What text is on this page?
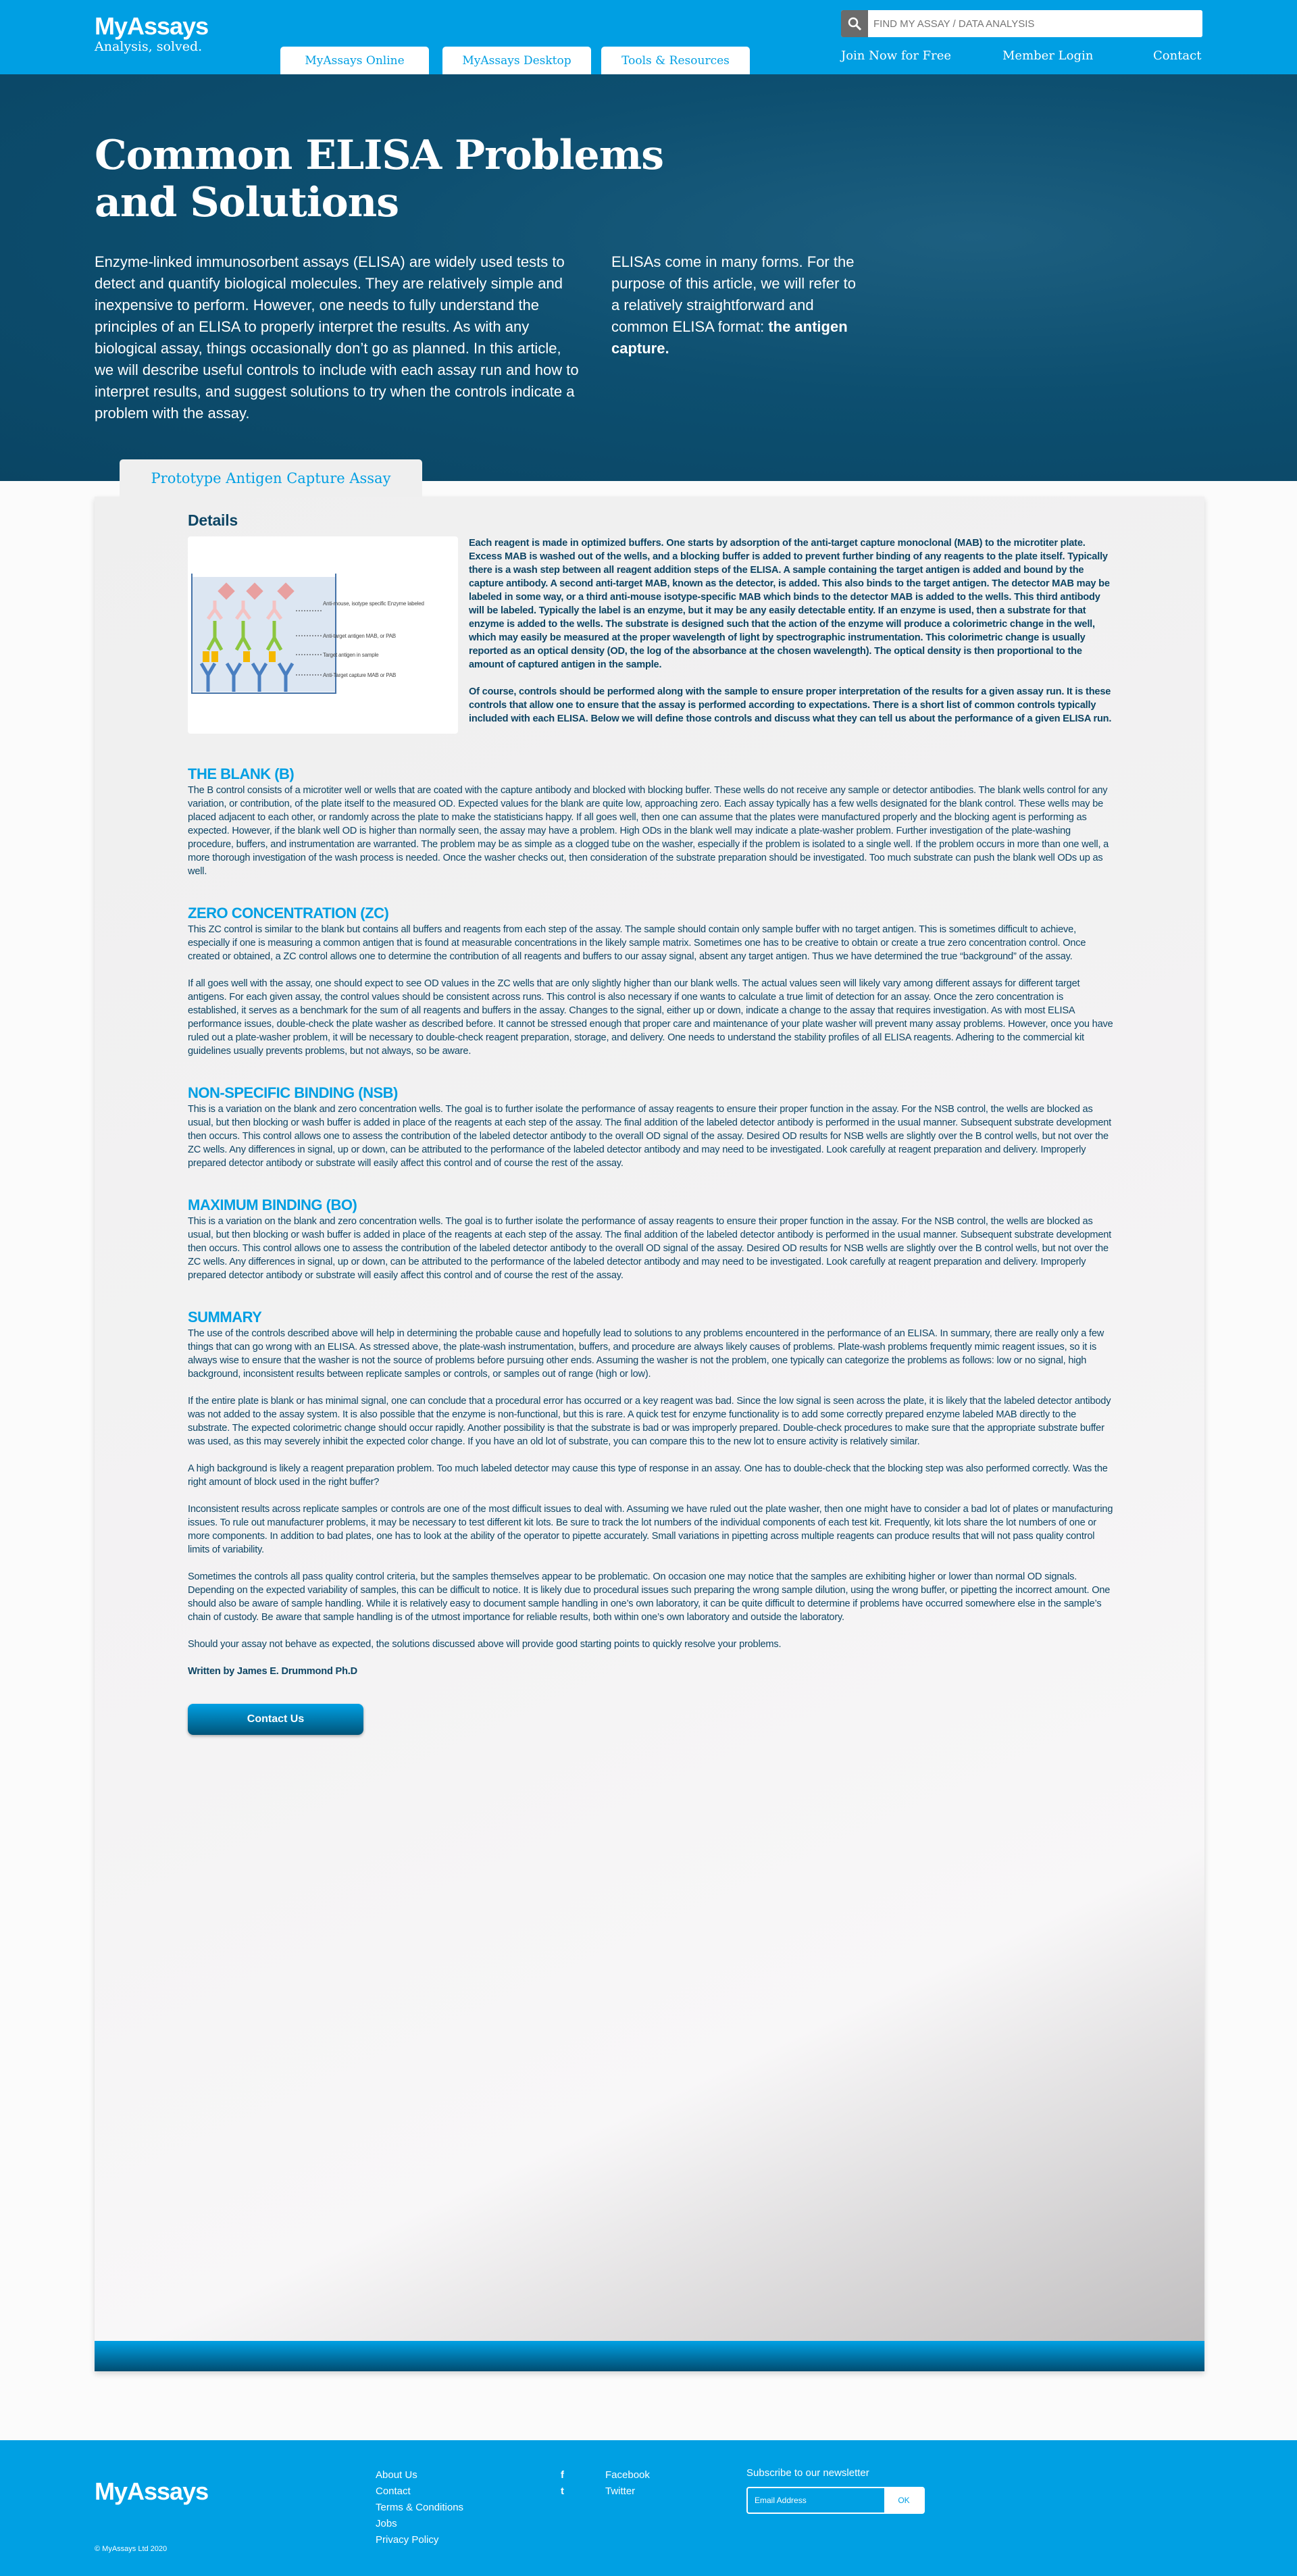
MyAssays
Analysis, solved.
MyAssays Online	MyAssays Desktop	Tools & Resources
FIND MY ASSAY / DATA ANALYSIS	Join Now for Free	Member Login	Contact
Common ELISA Problems and Solutions
Enzyme-linked immunosorbent assays (ELISA) are widely used tests to detect and quantify biological molecules. They are relatively simple and inexpensive to perform. However, one needs to fully understand the principles of an ELISA to properly interpret the results. As with any biological assay, things occasionally don’t go as planned. In this article, we will describe useful controls to include with each assay run and how to interpret results, and suggest solutions to try when the controls indicate a problem with the assay.
ELISAs come in many forms. For the purpose of this article, we will refer to a relatively straightforward and common ELISA format: the antigen capture.
Prototype Antigen Capture Assay
Details
Anti-mouse, isotype specific Enzyme labeled
Anti-target antigen MAB, or PAB
Target antigen in sample
Anti-Target capture MAB or PAB

Each reagent is made in optimized buffers. One starts by adsorption of the anti-target capture monoclonal (MAB) to the microtiter plate. Excess MAB is washed out of the wells, and a blocking buffer is added to prevent further binding of any reagents to the plate itself. Typically there is a wash step between all reagent addition steps of the ELISA. A sample containing the target antigen is added and bound by the capture antibody. A second anti-target MAB, known as the detector, is added. This also binds to the target antigen. The detector MAB may be labeled in some way, or a third anti-mouse isotype-specific MAB which binds to the detector MAB is added to the wells. This third antibody will be labeled. Typically the label is an enzyme, but it may be any easily detectable entity. If an enzyme is used, then a substrate for that enzyme is added to the wells. The substrate is designed such that the action of the enzyme will produce a colorimetric change in the well, which may easily be measured at the proper wavelength of light by spectrographic instrumentation. This colorimetric change is usually reported as an optical density (OD, the log of the absorbance at the chosen wavelength). The optical density is then proportional to the amount of captured antigen in the sample.

Of course, controls should be performed along with the sample to ensure proper interpretation of the results for a given assay run. It is these controls that allow one to ensure that the assay is performed according to expectations. There is a short list of common controls typically included with each ELISA. Below we will define those controls and discuss what they can tell us about the performance of a given ELISA run.

THE BLANK (B)

The B control consists of a microtiter well or wells that are coated with the capture antibody and blocked with blocking buffer. These wells do not receive any sample or detector antibodies. The blank wells control for any variation, or contribution, of the plate itself to the measured OD. Expected values for the blank are quite low, approaching zero. Each assay typically has a few wells designated for the blank control. These wells may be placed adjacent to each other, or randomly across the plate to make the statisticians happy. If all goes well, then one can assume that the plates were manufactured properly and the blocking agent is performing as expected. However, if the blank well OD is higher than normally seen, the assay may have a problem. High ODs in the blank well may indicate a plate-washer problem. Further investigation of the plate-washing procedure, buffers, and instrumentation are warranted. The problem may be as simple as a clogged tube on the washer, especially if the problem is isolated to a single well. If the problem occurs in more than one well, a more thorough investigation of the wash process is needed. Once the washer checks out, then consideration of the substrate preparation should be investigated. Too much substrate can push the blank well ODs up as well.

ZERO CONCENTRATION (ZC)

This ZC control is similar to the blank but contains all buffers and reagents from each step of the assay. The sample should contain only sample buffer with no target antigen. This is sometimes difficult to achieve, especially if one is measuring a common antigen that is found at measurable concentrations in the likely sample matrix. Sometimes one has to be creative to obtain or create a true zero concentration control. Once created or obtained, a ZC control allows one to determine the contribution of all reagents and buffers to our assay signal, absent any target antigen. Thus we have determined the true “background” of the assay.

If all goes well with the assay, one should expect to see OD values in the ZC wells that are only slightly higher than our blank wells. The actual values seen will likely vary among different assays for different target antigens. For each given assay, the control values should be consistent across runs. This control is also necessary if one wants to calculate a true limit of detection for an assay. Once the zero concentration is established, it serves as a benchmark for the sum of all reagents and buffers in the assay. Changes to the signal, either up or down, indicate a change to the assay that requires investigation. As with most ELISA performance issues, double-check the plate washer as described before. It cannot be stressed enough that proper care and maintenance of your plate washer will prevent many assay problems. However, once you have ruled out a plate-washer problem, it will be necessary to double-check reagent preparation, storage, and delivery. One needs to understand the stability profiles of all ELISA reagents. Adhering to the commercial kit guidelines usually prevents problems, but not always, so be aware.

NON-SPECIFIC BINDING (NSB)

This is a variation on the blank and zero concentration wells. The goal is to further isolate the performance of assay reagents to ensure their proper function in the assay. For the NSB control, the wells are blocked as usual, but then blocking or wash buffer is added in place of the reagents at each step of the assay. The final addition of the labeled detector antibody is performed in the usual manner. Subsequent substrate development then occurs. This control allows one to assess the contribution of the labeled detector antibody to the overall OD signal of the assay. Desired OD results for NSB wells are slightly over the B control wells, but not over the ZC wells. Any differences in signal, up or down, can be attributed to the performance of the labeled detector antibody and may need to be investigated. Look carefully at reagent preparation and delivery. Improperly prepared detector antibody or substrate will easily affect this control and of course the rest of the assay.

MAXIMUM BINDING (BO)

This is a variation on the blank and zero concentration wells. The goal is to further isolate the performance of assay reagents to ensure their proper function in the assay. For the NSB control, the wells are blocked as usual, but then blocking or wash buffer is added in place of the reagents at each step of the assay. The final addition of the labeled detector antibody is performed in the usual manner. Subsequent substrate development then occurs. This control allows one to assess the contribution of the labeled detector antibody to the overall OD signal of the assay. Desired OD results for NSB wells are slightly over the B control wells, but not over the ZC wells. Any differences in signal, up or down, can be attributed to the performance of the labeled detector antibody and may need to be investigated. Look carefully at reagent preparation and delivery. Improperly prepared detector antibody or substrate will easily affect this control and of course the rest of the assay.

SUMMARY

The use of the controls described above will help in determining the probable cause and hopefully lead to solutions to any problems encountered in the performance of an ELISA. In summary, there are really only a few things that can go wrong with an ELISA. As stressed above, the plate-wash instrumentation, buffers, and procedure are always likely causes of problems. Plate-wash problems frequently mimic reagent issues, so it is always wise to ensure that the washer is not the source of problems before pursuing other ends. Assuming the washer is not the problem, one typically can categorize the problems as follows: low or no signal, high background, inconsistent results between replicate samples or controls, or samples out of range (high or low).

If the entire plate is blank or has minimal signal, one can conclude that a procedural error has occurred or a key reagent was bad. Since the low signal is seen across the plate, it is likely that the labeled detector antibody was not added to the assay system. It is also possible that the enzyme is non-functional, but this is rare. A quick test for enzyme functionality is to add some correctly prepared enzyme labeled MAB directly to the substrate. The expected colorimetric change should occur rapidly. Another possibility is that the substrate is bad or was improperly prepared. Double-check procedures to make sure that the appropriate substrate buffer was used, as this may severely inhibit the expected color change. If you have an old lot of substrate, you can compare this to the new lot to ensure activity is relatively similar.

A high background is likely a reagent preparation problem. Too much labeled detector may cause this type of response in an assay. One has to double-check that the blocking step was also performed correctly. Was the right amount of block used in the right buffer?

Inconsistent results across replicate samples or controls are one of the most difficult issues to deal with. Assuming we have ruled out the plate washer, then one might have to consider a bad lot of plates or manufacturing issues. To rule out manufacturer problems, it may be necessary to test different kit lots. Be sure to track the lot numbers of the individual components of each test kit. Frequently, kit lots share the lot numbers of one or more components. In addition to bad plates, one has to look at the ability of the operator to pipette accurately. Small variations in pipetting across multiple reagents can produce results that will not pass quality control limits of variability.

Sometimes the controls all pass quality control criteria, but the samples themselves appear to be problematic. On occasion one may notice that the samples are exhibiting higher or lower than normal OD signals. Depending on the expected variability of samples, this can be difficult to notice. It is likely due to procedural issues such preparing the wrong sample dilution, using the wrong buffer, or pipetting the incorrect amount. One should also be aware of sample handling. While it is relatively easy to document sample handling in one’s own laboratory, it can be quite difficult to determine if problems have occurred somewhere else in the sample’s chain of custody. Be aware that sample handling is of the utmost importance for reliable results, both within one’s own laboratory and outside the laboratory.

Should your assay not behave as expected, the solutions discussed above will provide good starting points to quickly resolve your problems.

Written by James E. Drummond Ph.D

Contact Us
MyAssays
© MyAssays Ltd 2020
About Us
Contact
Terms & Conditions
Jobs
Privacy Policy
f	Facebook
t	Twitter
Subscribe to our newsletter
Email Address
OK
